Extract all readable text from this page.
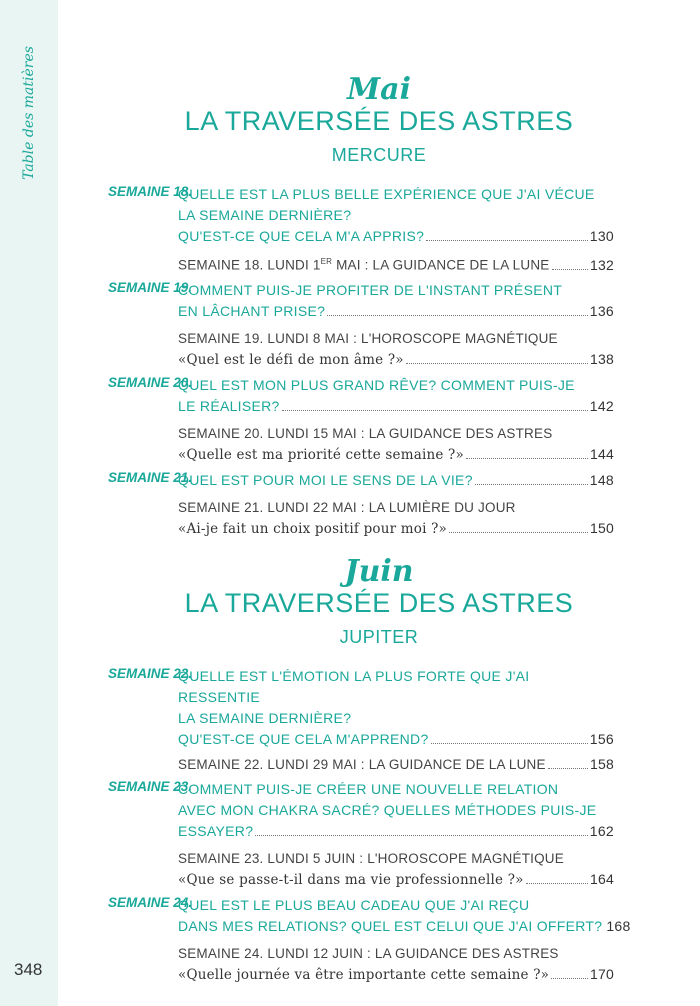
Table des matières
348
Mai
LA TRAVERSÉE DES ASTRES
MERCURE
SEMAINE 18.
QUELLE EST LA PLUS BELLE EXPÉRIENCE QUE J'AI VÉCUE
LA SEMAINE DERNIÈRE?
QU'EST-CE QUE CELA M'A APPRIS?	130
SEMAINE 18. LUNDI 1ER MAI : LA GUIDANCE DE LA LUNE	132
SEMAINE 19.
COMMENT PUIS-JE PROFITER DE L'INSTANT PRÉSENT
EN LÂCHANT PRISE?	136
SEMAINE 19. LUNDI 8 MAI : L'HOROSCOPE MAGNÉTIQUE
«Quel est le défi de mon âme ?»	138
SEMAINE 20.
QUEL EST MON PLUS GRAND RÊVE? COMMENT PUIS-JE
LE RÉALISER?	142
SEMAINE 20. LUNDI 15 MAI : LA GUIDANCE DES ASTRES
«Quelle est ma priorité cette semaine ?»	144
SEMAINE 21.
QUEL EST POUR MOI LE SENS DE LA VIE?	148
SEMAINE 21. LUNDI 22 MAI : LA LUMIÈRE DU JOUR
«Ai-je fait un choix positif pour moi ?»	150
Juin
LA TRAVERSÉE DES ASTRES
JUPITER
SEMAINE 22.
QUELLE EST L'ÉMOTION LA PLUS FORTE QUE J'AI RESSENTIE
LA SEMAINE DERNIÈRE?
QU'EST-CE QUE CELA M'APPREND?	156
SEMAINE 22. LUNDI 29 MAI : LA GUIDANCE DE LA LUNE	158
SEMAINE 23.
COMMENT PUIS-JE CRÉER UNE NOUVELLE RELATION
AVEC MON CHAKRA SACRÉ? QUELLES MÉTHODES PUIS-JE
ESSAYER?	162
SEMAINE 23. LUNDI 5 JUIN : L'HOROSCOPE MAGNÉTIQUE
«Que se passe-t-il dans ma vie professionnelle ?»	164
SEMAINE 24.
QUEL EST LE PLUS BEAU CADEAU QUE J'AI REÇU
DANS MES RELATIONS? QUEL EST CELUI QUE J'AI OFFERT? 168
SEMAINE 24. LUNDI 12 JUIN : LA GUIDANCE DES ASTRES
«Quelle journée va être importante cette semaine ?»	170
